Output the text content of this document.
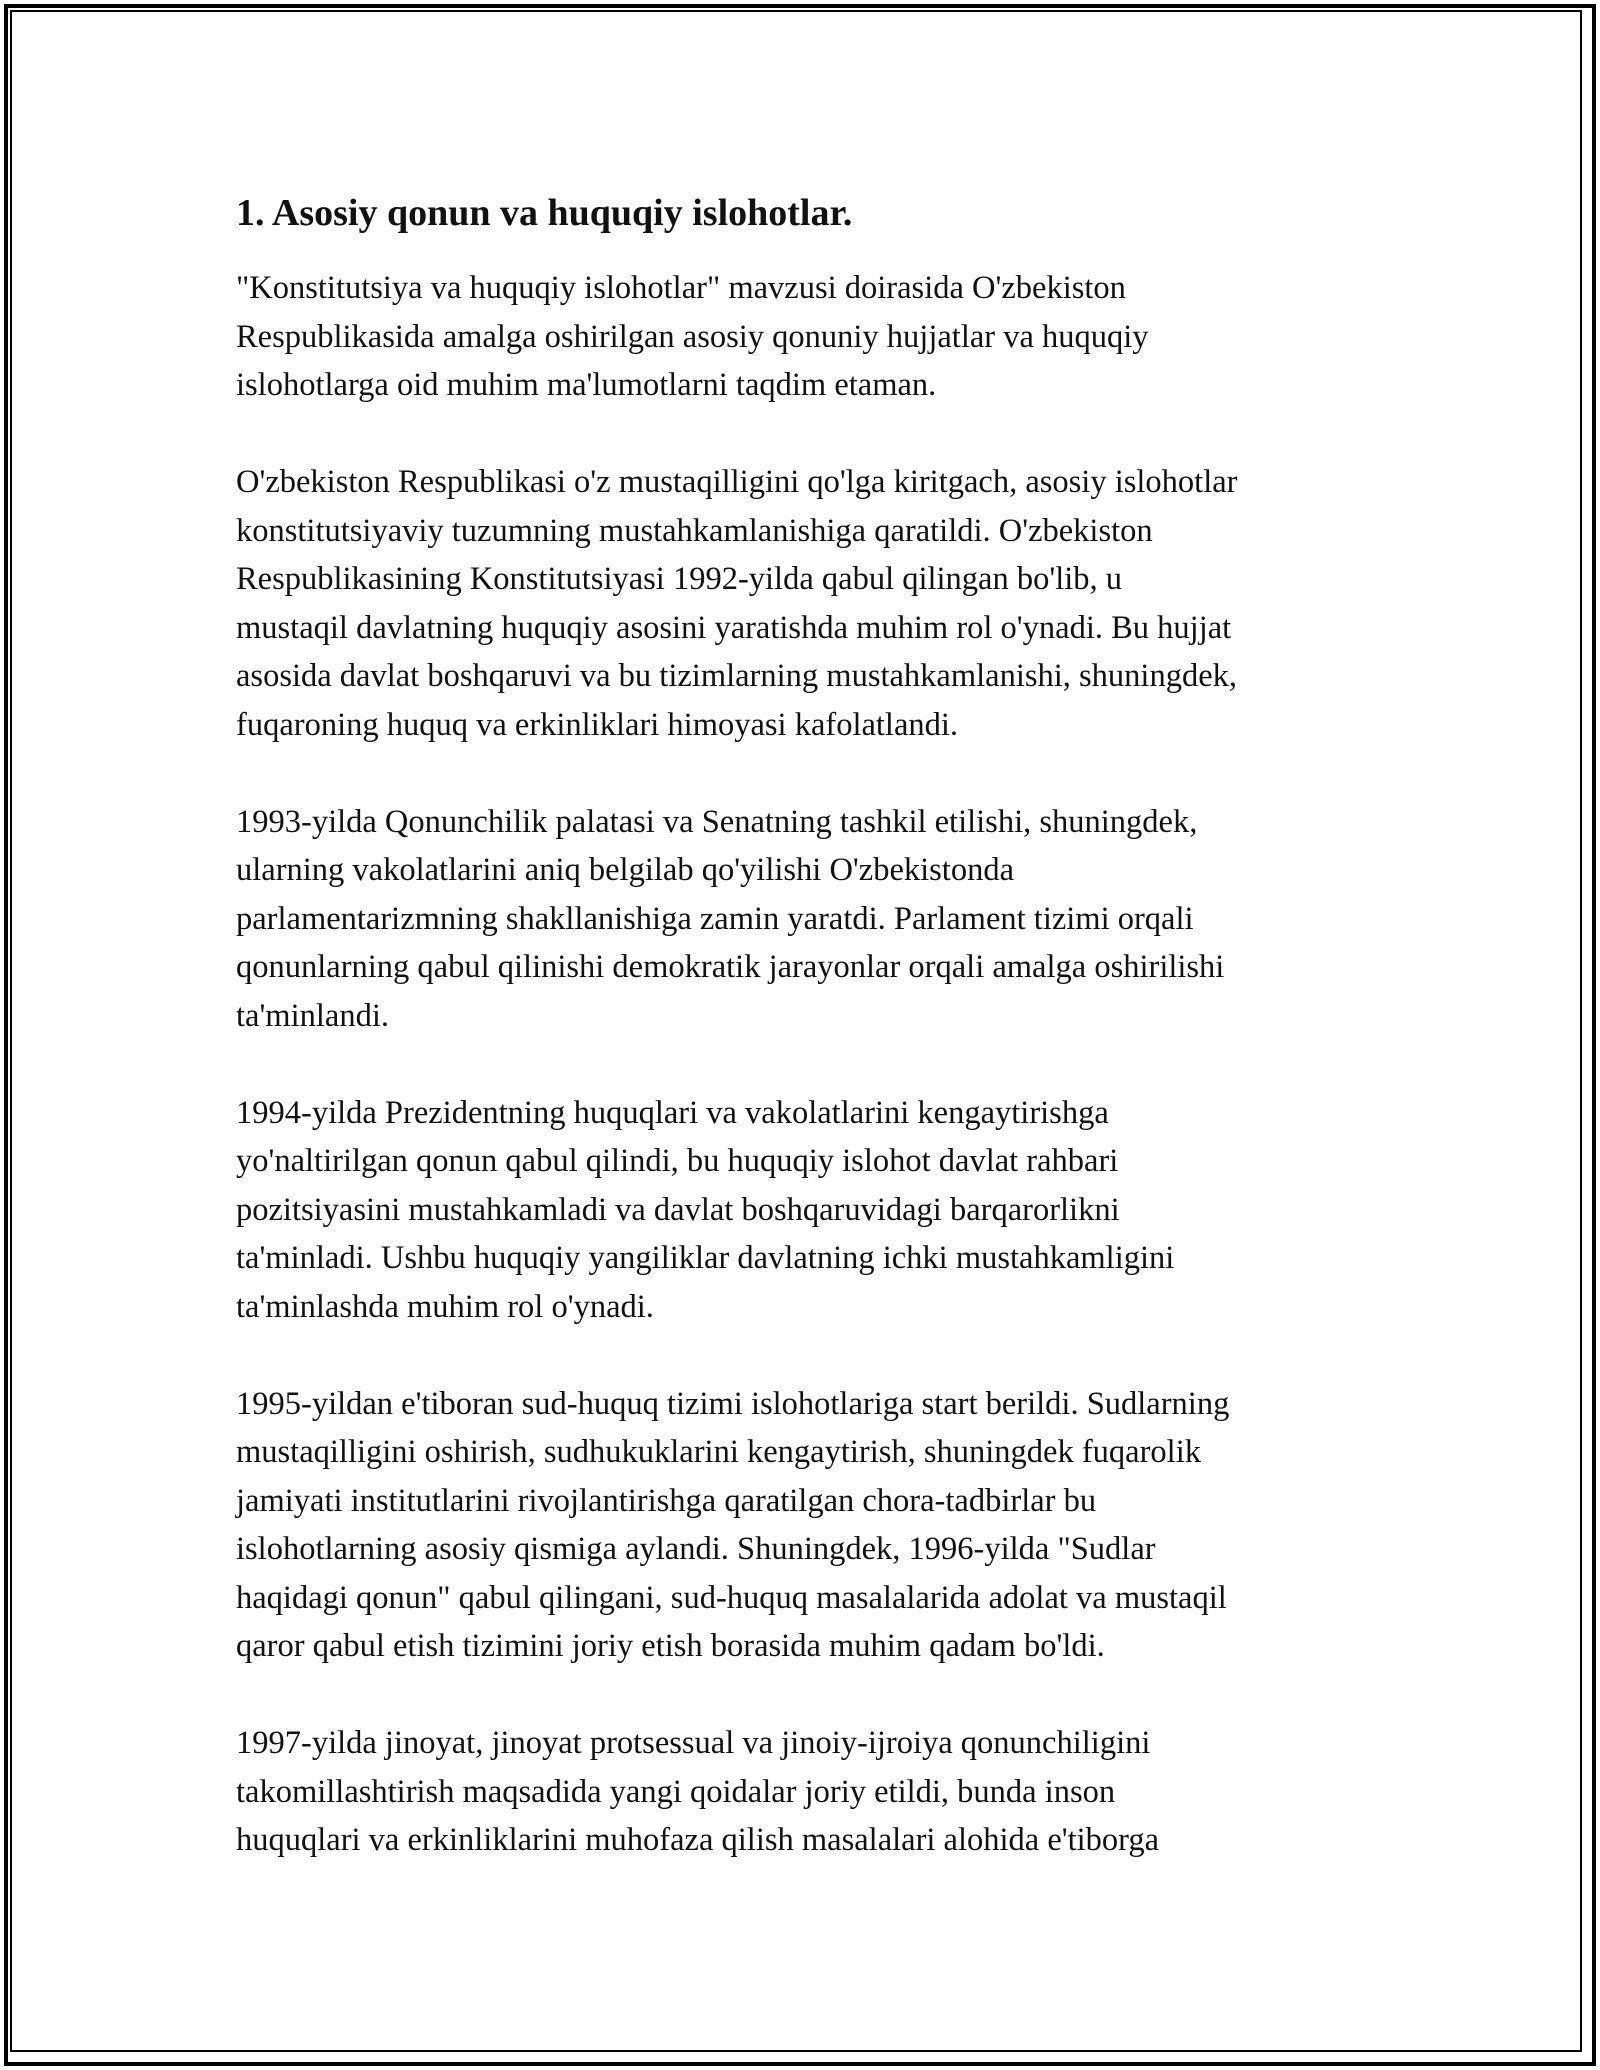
1. Asosiy qonun va huquqiy islohotlar.

"Konstitutsiya va huquqiy islohotlar" mavzusi doirasida O'zbekiston
Respublikasida amalga oshirilgan asosiy qonuniy hujjatlar va huquqiy
islohotlarga oid muhim ma'lumotlarni taqdim etaman.

O'zbekiston Respublikasi o'z mustaqilligini qo'lga kiritgach, asosiy islohotlar
konstitutsiyaviy tuzumning mustahkamlanishiga qaratildi. O'zbekiston
Respublikasining Konstitutsiyasi 1992-yilda qabul qilingan bo'lib, u
mustaqil davlatning huquqiy asosini yaratishda muhim rol o'ynadi. Bu hujjat
asosida davlat boshqaruvi va bu tizimlarning mustahkamlanishi, shuningdek,
fuqaroning huquq va erkinliklari himoyasi kafolatlandi.

1993-yilda Qonunchilik palatasi va Senatning tashkil etilishi, shuningdek,
ularning vakolatlarini aniq belgilab qo'yilishi O'zbekistonda
parlamentarizmning shakllanishiga zamin yaratdi. Parlament tizimi orqali
qonunlarning qabul qilinishi demokratik jarayonlar orqali amalga oshirilishi
ta'minlandi.

1994-yilda Prezidentning huquqlari va vakolatlarini kengaytirishga
yo'naltirilgan qonun qabul qilindi, bu huquqiy islohot davlat rahbari
pozitsiyasini mustahkamladi va davlat boshqaruvidagi barqarorlikni
ta'minladi. Ushbu huquqiy yangiliklar davlatning ichki mustahkamligini
ta'minlashda muhim rol o'ynadi.

1995-yildan e'tiboran sud-huquq tizimi islohotlariga start berildi. Sudlarning
mustaqilligini oshirish, sudhukuklarini kengaytirish, shuningdek fuqarolik
jamiyati institutlarini rivojlantirishga qaratilgan chora-tadbirlar bu
islohotlarning asosiy qismiga aylandi. Shuningdek, 1996-yilda "Sudlar
haqidagi qonun" qabul qilingani, sud-huquq masalalarida adolat va mustaqil
qaror qabul etish tizimini joriy etish borasida muhim qadam bo'ldi.

1997-yilda jinoyat, jinoyat protsessual va jinoiy-ijroiya qonunchiligini
takomillashtirish maqsadida yangi qoidalar joriy etildi, bunda inson
huquqlari va erkinliklarini muhofaza qilish masalalari alohida e'tiborga
